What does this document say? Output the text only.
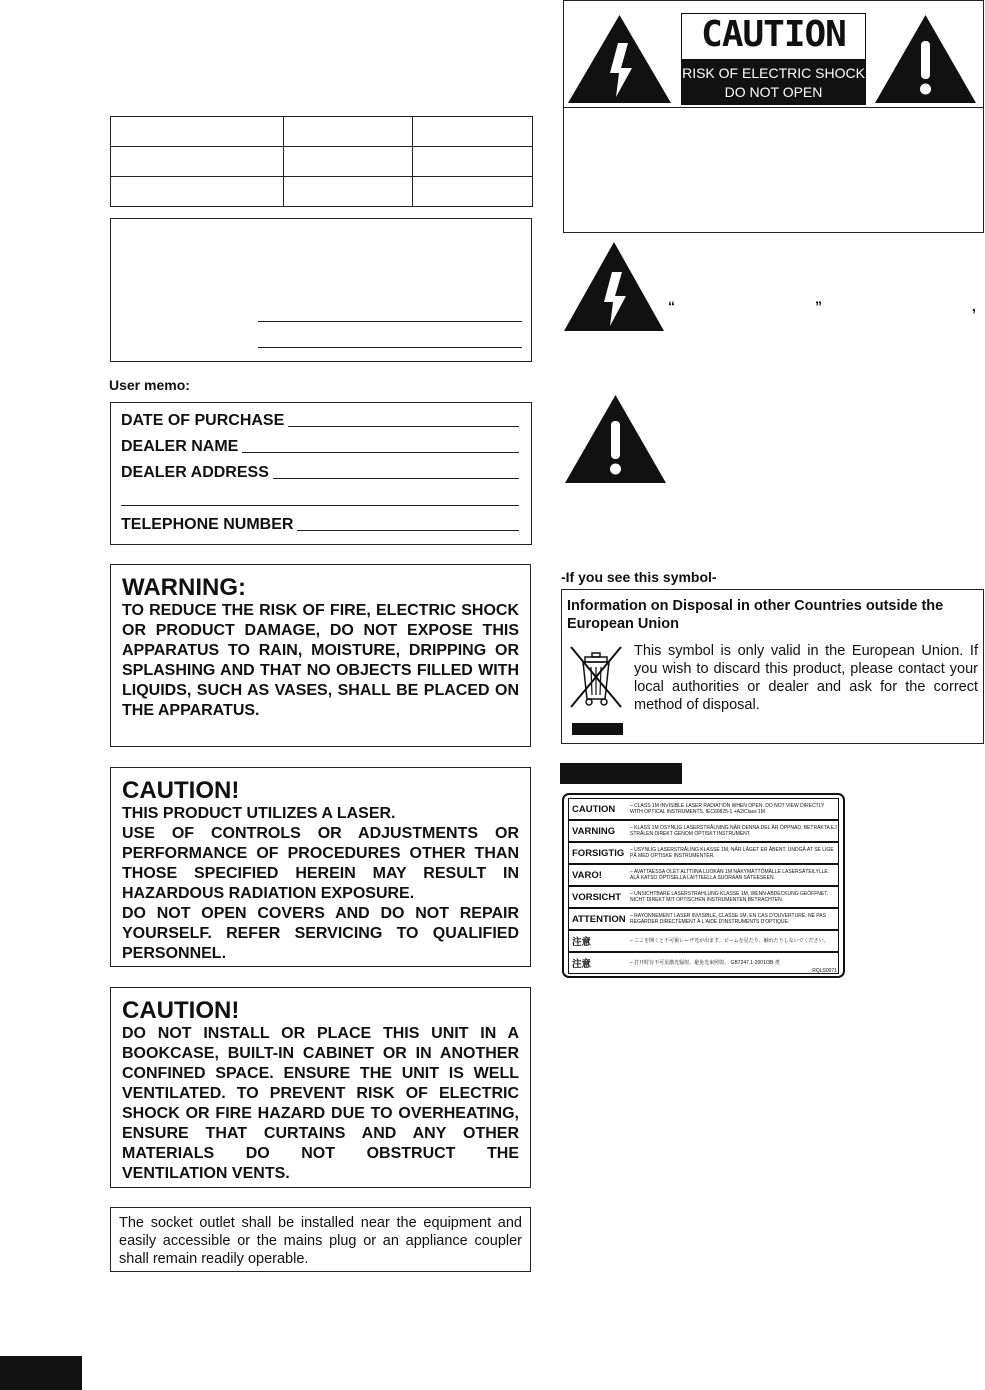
User memo:
DATE OF PURCHASE
DEALER NAME
DEALER ADDRESS
TELEPHONE NUMBER

WARNING:

TO REDUCE THE RISK OF FIRE, ELECTRIC SHOCK OR PRODUCT DAMAGE, DO NOT EXPOSE THIS APPARATUS TO RAIN, MOISTURE, DRIPPING OR SPLASHING AND THAT NO OBJECTS FILLED WITH LIQUIDS, SUCH AS VASES, SHALL BE PLACED ON THE APPARATUS.

CAUTION!

THIS PRODUCT UTILIZES A LASER.

USE OF CONTROLS OR ADJUSTMENTS OR PERFORMANCE OF PROCEDURES OTHER THAN THOSE SPECIFIED HEREIN MAY RESULT IN HAZARDOUS RADIATION EXPOSURE.

DO NOT OPEN COVERS AND DO NOT REPAIR YOURSELF. REFER SERVICING TO QUALIFIED PERSONNEL.

CAUTION!

DO NOT INSTALL OR PLACE THIS UNIT IN A BOOKCASE, BUILT-IN CABINET OR IN ANOTHER CONFINED SPACE. ENSURE THE UNIT IS WELL VENTILATED. TO PREVENT RISK OF ELECTRIC SHOCK OR FIRE HAZARD DUE TO OVERHEATING, ENSURE THAT CURTAINS AND ANY OTHER MATERIALS DO NOT OBSTRUCT THE VENTILATION VENTS.

The socket outlet shall be installed near the equipment and easily accessible or the mains plug or an appliance coupler shall remain readily operable.

CAUTION
RISK OF ELECTRIC SHOCK
DO NOT OPEN
“	”	,
-If you see this symbol-
Information on Disposal in other Countries outside the European Union
This symbol is only valid in the European Union. If you wish to discard this product, please contact your local authorities or dealer and ask for the correct method of disposal.
CAUTION	– CLASS 1M INVISIBLE LASER RADIATION WHEN OPEN. DO NOT VIEW DIRECTLY WITH OPTICAL INSTRUMENTS. IEC60825-1 +A2/Class 1M
VARNING	– KLASS 1M OSYNLIG LASERSTRÅLNING NÄR DENNA DEL ÄR ÖPPNAD. BETRAKTA EJ STRÅLEN DIREKT GENOM OPTISKT INSTRUMENT.
FORSIGTIG	– USYNLIG LASERSTRÅLING KLASSE 1M, NÅR LÅGET ER ÅBENT. UNDGÅ AT SE LIGE PÅ MED OPTISKE INSTRUMENTER.
VARO!	– AVATTAESSA OLET ALTTIINA LUOKAN 1M NÄKYMÄTTÖMÄLLE LASERSÄTEILYLLE. ÄLÄ KATSO OPTISELLA LAITTEELLA SUORAAN SÄTEESEEN.
VORSICHT	– UNSICHTBARE LASERSTRAHLUNG KLASSE 1M, WENN ABDECKUNG GEÖFFNET. NICHT DIREKT MIT OPTISCHEN INSTRUMENTEN BETRACHTEN.
ATTENTION – RAYONNEMENT LASER INVISIBLE, CLASSE 1M, EN CAS D'OUVERTURE. NE PAS REGARDER DIRECTEMENT À L'AIDE D'INSTRUMENTS D'OPTIQUE.
注意	– ここを開くと不可視レーザ光が出ます。ビームを見たり、触れたりしないでください。
注意	– 打开时有不可见激光辐射。避免光束照射。 GB7247.1-2001/3B 类
RQLS0071
